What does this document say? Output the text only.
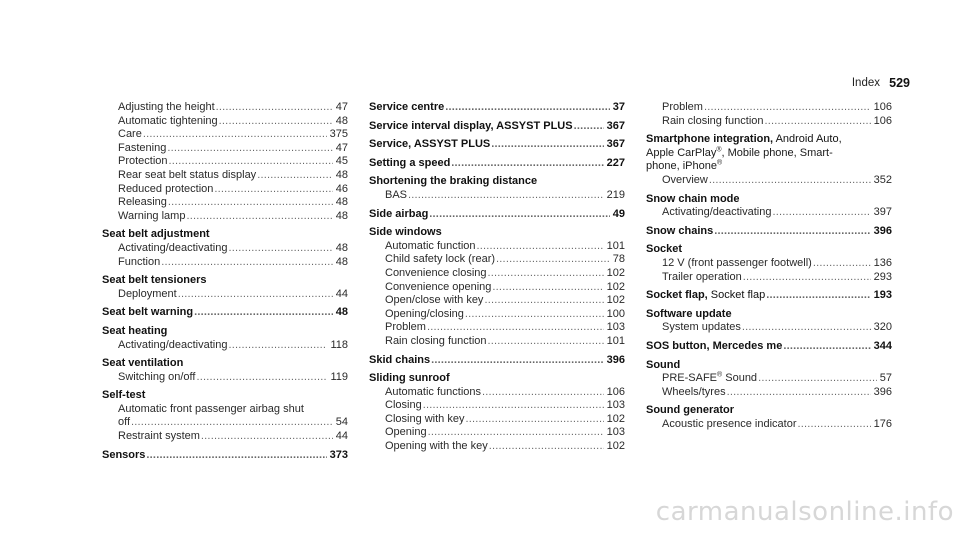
Index 529
Adjusting the height .....	47
Automatic tightening .....	48
Care .....	375
Fastening .....	47
Protection .....	45
Rear seat belt status display .....	48
Reduced protection .....	46
Releasing .....	48
Warning lamp .....	48
Seat belt adjustment
Activating/deactivating .....	48
Function .....	48
Seat belt tensioners
Deployment .....	44
Seat belt warning .....	48
Seat heating
Activating/deactivating .....	118
Seat ventilation
Switching on/off .....	119
Self-test
Automatic front passenger airbag shut
off .....	54
Restraint system .....	44
Sensors .....	373
Service centre .....	37
Service interval display, ASSYST PLUS .....	367
Service, ASSYST PLUS .....	367
Setting a speed .....	227
Shortening the braking distance
BAS .....	219
Side airbag .....	49
Side windows
Automatic function .....	101
Child safety lock (rear) .....	78
Convenience closing .....	102
Convenience opening .....	102
Open/close with key .....	102
Opening/closing .....	100
Problem .....	103
Rain closing function .....	101
Skid chains .....	396
Sliding sunroof
Automatic functions .....	106
Closing .....	103
Closing with key .....	102
Opening .....	103
Opening with the key .....	102
Problem .....	106
Rain closing function .....	106
Smartphone integration, Android Auto,
Apple CarPlay®, Mobile phone, Smart-
phone, iPhone®
Overview .....	352
Snow chain mode
Activating/deactivating .....	397
Snow chains .....	396
Socket
12 V (front passenger footwell) .....	136
Trailer operation .....	293
Socket flap, Socket flap .....	193
Software update
System updates .....	320
SOS button, Mercedes me .....	344
Sound
PRE-SAFE® Sound .....	57
Wheels/tyres .....	396
Sound generator
Acoustic presence indicator .....	176
carmanualsonline.info
